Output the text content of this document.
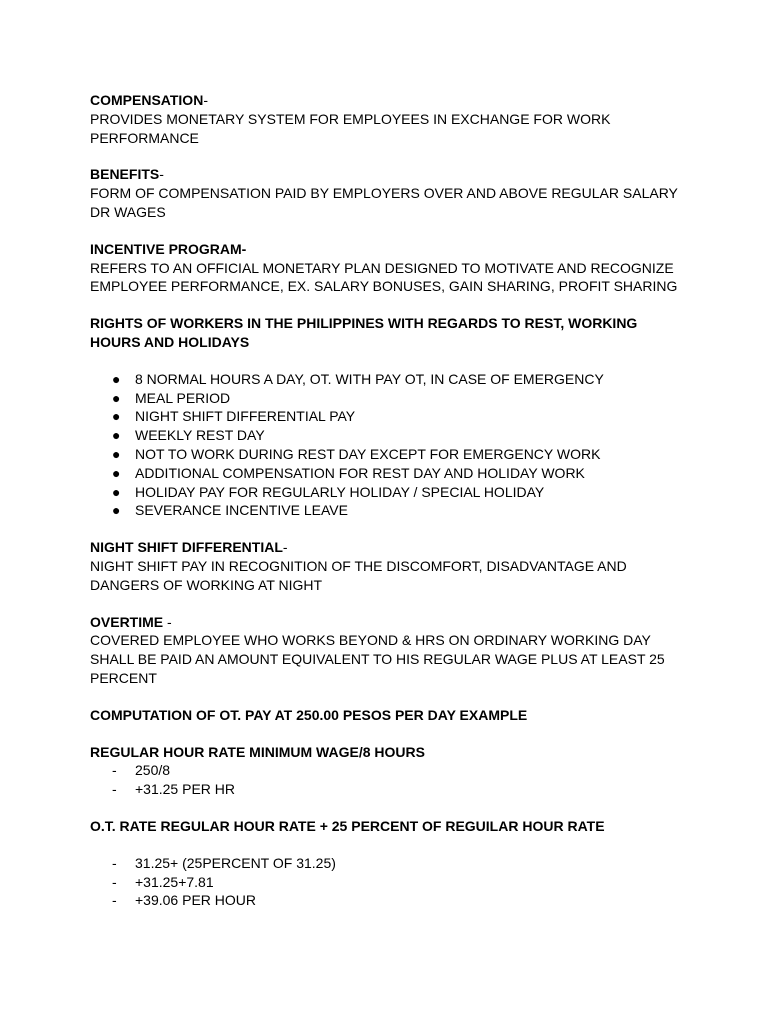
COMPENSATION-

PROVIDES MONETARY SYSTEM FOR EMPLOYEES IN EXCHANGE FOR WORK

PERFORMANCE

BENEFITS-

FORM OF COMPENSATION PAID BY EMPLOYERS OVER AND ABOVE REGULAR SALARY

DR WAGES

INCENTIVE PROGRAM-

REFERS TO AN OFFICIAL MONETARY PLAN DESIGNED TO MOTIVATE AND RECOGNIZE

EMPLOYEE PERFORMANCE, EX. SALARY BONUSES, GAIN SHARING, PROFIT SHARING

RIGHTS OF WORKERS IN THE PHILIPPINES WITH REGARDS TO REST, WORKING

HOURS AND HOLIDAYS

● 8 NORMAL HOURS A DAY, OT. WITH PAY OT, IN CASE OF EMERGENCY
● MEAL PERIOD
● NIGHT SHIFT DIFFERENTIAL PAY
● WEEKLY REST DAY
● NOT TO WORK DURING REST DAY EXCEPT FOR EMERGENCY WORK
● ADDITIONAL COMPENSATION FOR REST DAY AND HOLIDAY WORK
● HOLIDAY PAY FOR REGULARLY HOLIDAY / SPECIAL HOLIDAY
● SEVERANCE INCENTIVE LEAVE

NIGHT SHIFT DIFFERENTIAL-

NIGHT SHIFT PAY IN RECOGNITION OF THE DISCOMFORT, DISADVANTAGE AND

DANGERS OF WORKING AT NIGHT

OVERTIME -

COVERED EMPLOYEE WHO WORKS BEYOND & HRS ON ORDINARY WORKING DAY

SHALL BE PAID AN AMOUNT EQUIVALENT TO HIS REGULAR WAGE PLUS AT LEAST 25

PERCENT

COMPUTATION OF OT. PAY AT 250.00 PESOS PER DAY EXAMPLE

REGULAR HOUR RATE MINIMUM WAGE/8 HOURS

- 250/8
- +31.25 PER HR

O.T. RATE REGULAR HOUR RATE + 25 PERCENT OF REGUILAR HOUR RATE

- 31.25+ (25PERCENT OF 31.25)
- +31.25+7.81
- +39.06 PER HOUR
